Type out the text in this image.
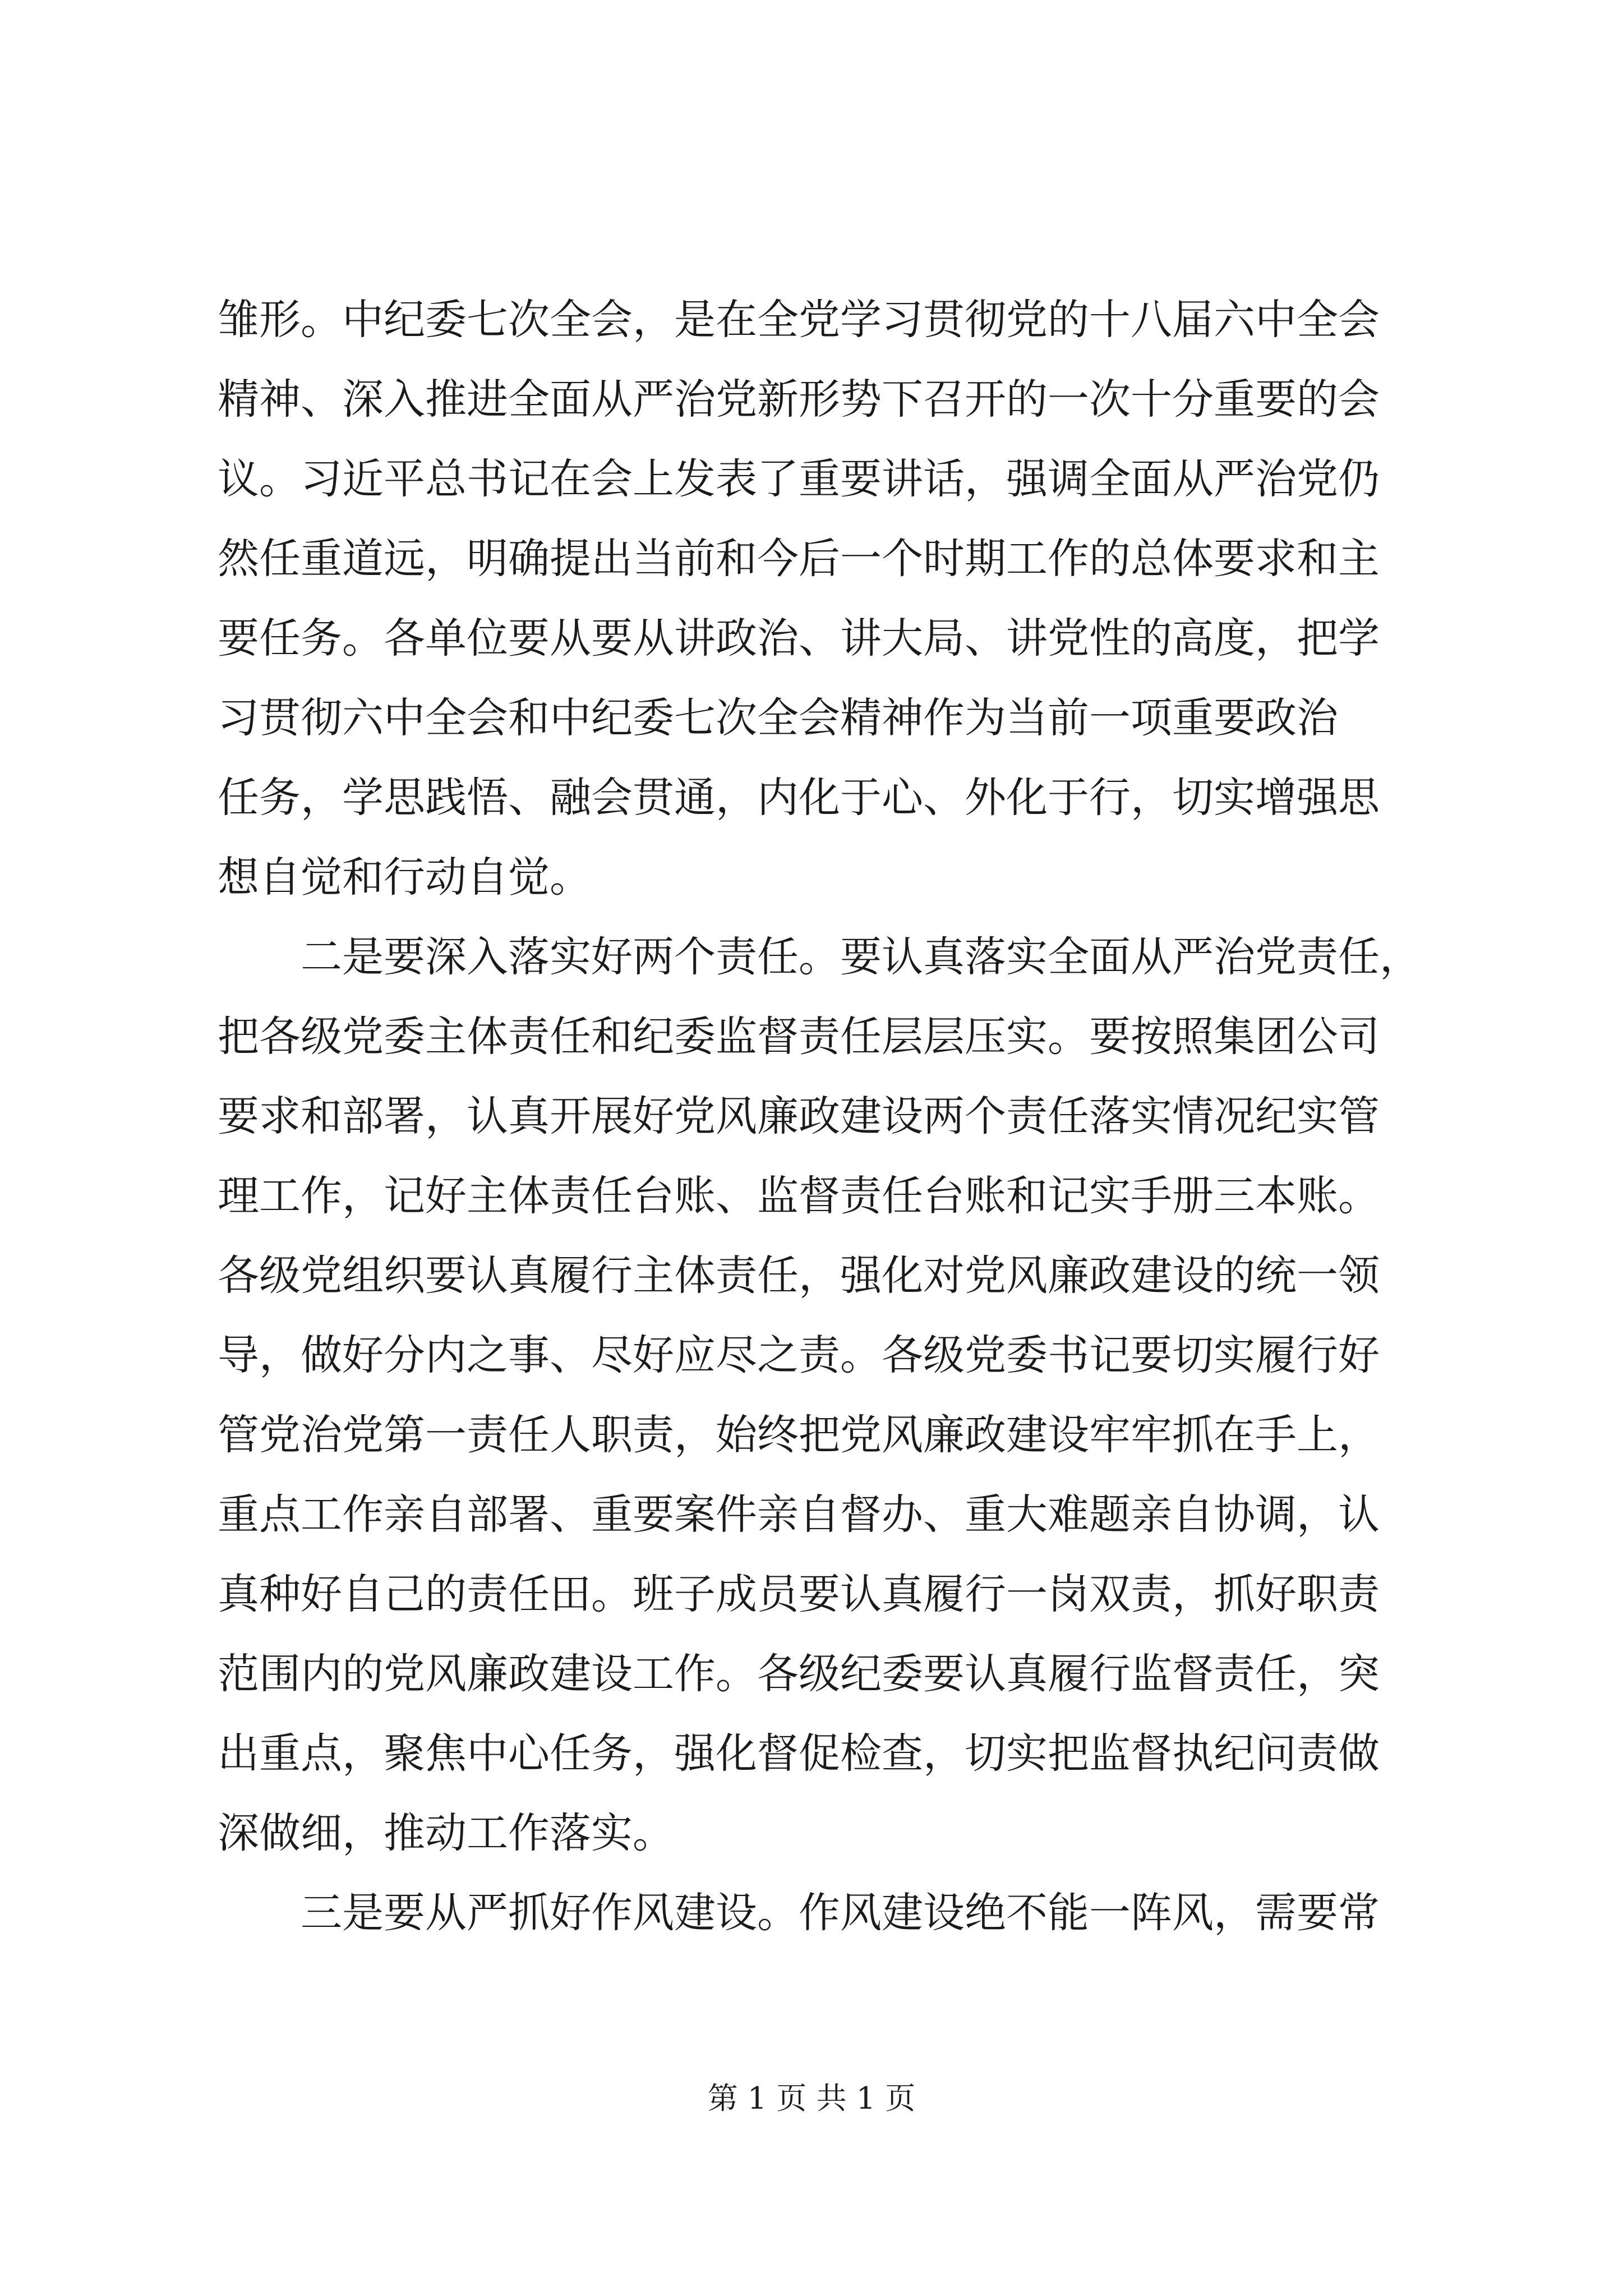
雏形。中纪委七次全会，是在全党学习贯彻党的十八届六中全会
精神、深入推进全面从严治党新形势下召开的一次十分重要的会
议。习近平总书记在会上发表了重要讲话，强调全面从严治党仍
然任重道远，明确提出当前和今后一个时期工作的总体要求和主
要任务。各单位要从要从讲政治、讲大局、讲党性的高度，把学
习贯彻六中全会和中纪委七次全会精神作为当前一项重要政治
任务，学思践悟、融会贯通，内化于心、外化于行，切实增强思
想自觉和行动自觉。
二是要深入落实好两个责任。要认真落实全面从严治党责任，
把各级党委主体责任和纪委监督责任层层压实。要按照集团公司
要求和部署，认真开展好党风廉政建设两个责任落实情况纪实管
理工作，记好主体责任台账、监督责任台账和记实手册三本账。
各级党组织要认真履行主体责任，强化对党风廉政建设的统一领
导，做好分内之事、尽好应尽之责。各级党委书记要切实履行好
管党治党第一责任人职责，始终把党风廉政建设牢牢抓在手上，
重点工作亲自部署、重要案件亲自督办、重大难题亲自协调，认
真种好自己的责任田。班子成员要认真履行一岗双责，抓好职责
范围内的党风廉政建设工作。各级纪委要认真履行监督责任，突
出重点，聚焦中心任务，强化督促检查，切实把监督执纪问责做
深做细，推动工作落实。
三是要从严抓好作风建设。作风建设绝不能一阵风，需要常
第 1 页 共 1 页
